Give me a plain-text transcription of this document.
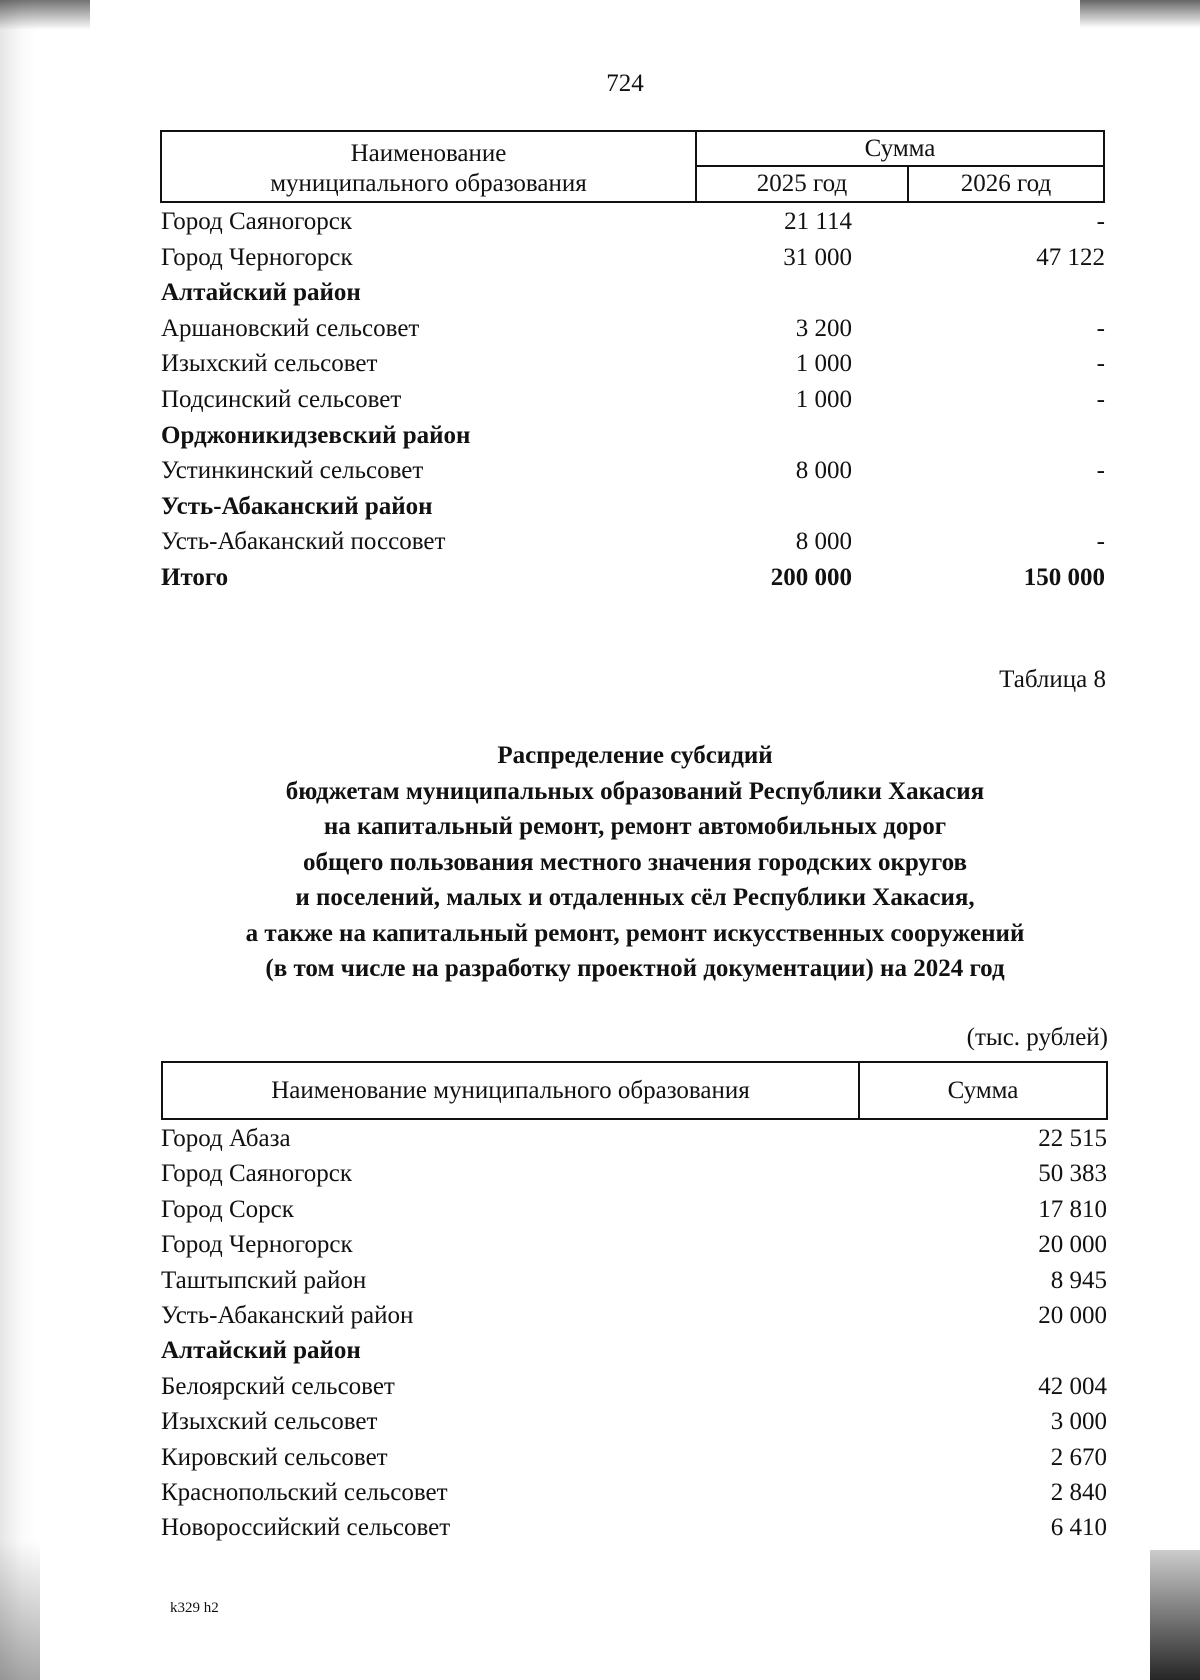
724
Наименование
муниципального образования
Сумма
2025 год	2026 год
Город Саяногорск	21 114	-
Город Черногорск	31 000	47 122
Алтайский район
Аршановский сельсовет	3 200	-
Изыхский сельсовет	1 000	-
Подсинский сельсовет	1 000	-
Орджоникидзевский район
Устинкинский сельсовет	8 000	-
Усть-Абаканский район
Усть-Абаканский поссовет	8 000	-
Итого	200 000	150 000
Таблица 8
Распределение субсидий
бюджетам муниципальных образований Республики Хакасия
на капитальный ремонт, ремонт автомобильных дорог
общего пользования местного значения городских округов
и поселений, малых и отдаленных сёл Республики Хакасия,
а также на капитальный ремонт, ремонт искусственных сооружений
(в том числе на разработку проектной документации) на 2024 год
(тыс. рублей)
Наименование муниципального образования	Сумма
Город Абаза	22 515
Город Саяногорск	50 383
Город Сорск	17 810
Город Черногорск	20 000
Таштыпский район	8 945
Усть-Абаканский район	20 000
Алтайский район
Белоярский сельсовет	42 004
Изыхский сельсовет	3 000
Кировский сельсовет	2 670
Краснопольский сельсовет	2 840
Новороссийский сельсовет	6 410
k329 h2
